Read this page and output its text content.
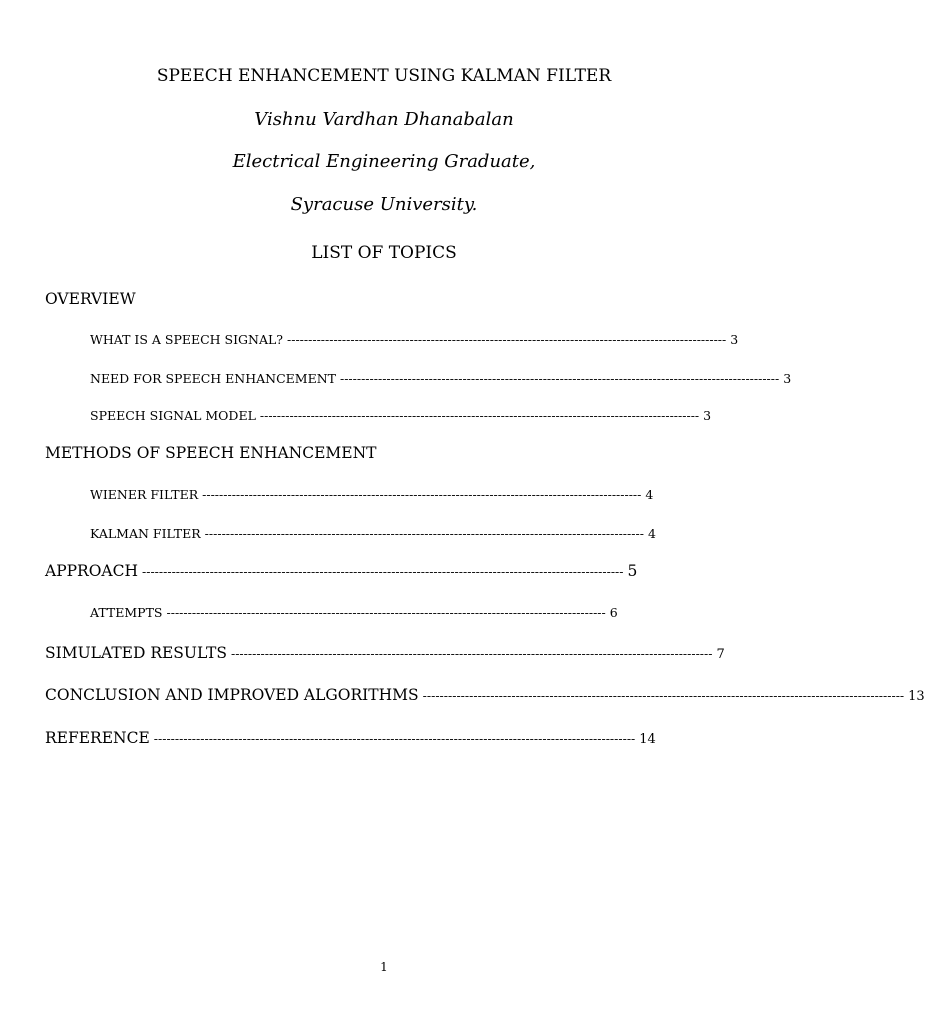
SPEECH ENHANCEMENT USING KALMAN FILTER
Vishnu Vardhan Dhanabalan
Electrical Engineering Graduate,
Syracuse University.
LIST OF TOPICS
OVERVIEW
WHAT IS A SPEECH SIGNAL? -------------------------------------------------------------------------------------------------------- 3
NEED FOR SPEECH ENHANCEMENT -------------------------------------------------------------------------------------------------------- 3
SPEECH SIGNAL MODEL -------------------------------------------------------------------------------------------------------- 3
METHODS OF SPEECH ENHANCEMENT
WIENER FILTER -------------------------------------------------------------------------------------------------------- 4
KALMAN FILTER -------------------------------------------------------------------------------------------------------- 4
APPROACH ------------------------------------------------------------------------------------------------------------------ 5
ATTEMPTS -------------------------------------------------------------------------------------------------------- 6
SIMULATED RESULTS ------------------------------------------------------------------------------------------------------------------ 7
CONCLUSION AND IMPROVED ALGORITHMS ------------------------------------------------------------------------------------------------------------------ 13
REFERENCE ------------------------------------------------------------------------------------------------------------------ 14
1
